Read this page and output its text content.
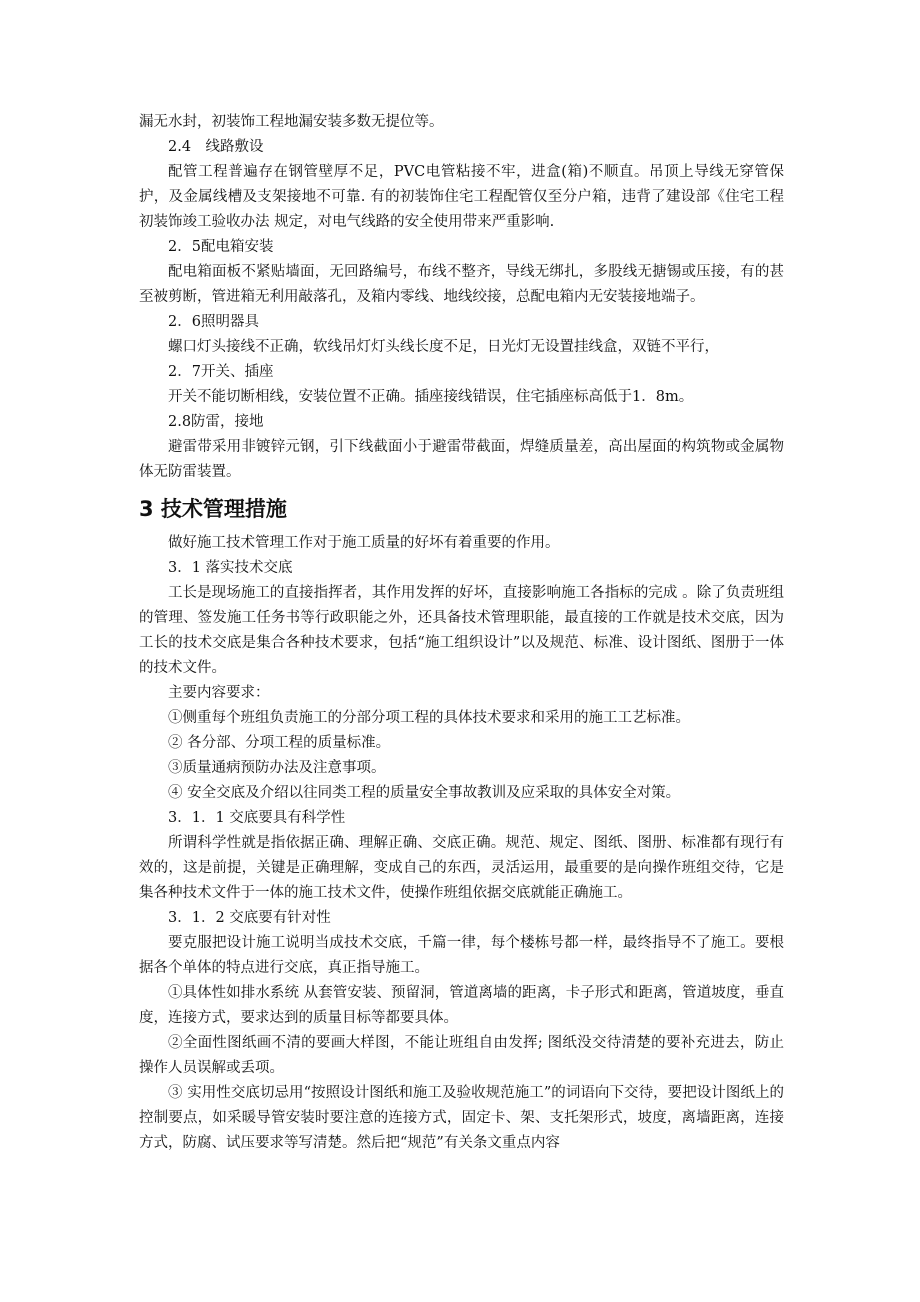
漏无水封，初装饰工程地漏安装多数无提位等。

2.4　线路敷设

配管工程普遍存在钢管壁厚不足，PVC电管粘接不牢，进盒(箱)不顺直。吊顶上导线无穿管保护，及金属线槽及支架接地不可靠. 有的初装饰住宅工程配管仅至分户箱，违背了建设部《住宅工程初装饰竣工验收办法 规定，对电气线路的安全使用带来严重影响.

2．5配电箱安装

配电箱面板不紧贴墙面，无回路编号，布线不整齐，导线无绑扎，多股线无搪锡或压接，有的甚至被剪断，管进箱无利用敲落孔，及箱内零线、地线绞接，总配电箱内无安装接地端子。

2．6照明器具

螺口灯头接线不正确，软线吊灯灯头线长度不足，日光灯无设置挂线盒，双链不平行，

2．7开关、插座

开关不能切断相线，安装位置不正确。插座接线错误，住宅插座标高低于1．8m。

2.8防雷，接地

避雷带采用非镀锌元钢，引下线截面小于避雷带截面，焊缝质量差，高出屋面的构筑物或金属物体无防雷装置。

3 技术管理措施

做好施工技术管理工作对于施工质量的好坏有着重要的作用。

3．1 落实技术交底

工长是现场施工的直接指挥者，其作用发挥的好坏，直接影响施工各指标的完成 。除了负责班组的管理、签发施工任务书等行政职能之外，还具备技术管理职能，最直接的工作就是技术交底，因为工长的技术交底是集合各种技术要求，包括“施工组织设计”以及规范、标准、设计图纸、图册于一体的技术文件。

主要内容要求：

①侧重每个班组负责施工的分部分项工程的具体技术要求和采用的施工工艺标准。

② 各分部、分项工程的质量标准。

③质量通病预防办法及注意事项。

④ 安全交底及介绍以往同类工程的质量安全事故教训及应采取的具体安全对策。

3．1．1 交底要具有科学性

所谓科学性就是指依据正确、理解正确、交底正确。规范、规定、图纸、图册、标准都有现行有效的，这是前提，关键是正确理解，变成自己的东西，灵活运用，最重要的是向操作班组交待，它是集各种技术文件于一体的施工技术文件，使操作班组依据交底就能正确施工。

3．1．2 交底要有针对性

要克服把设计施工说明当成技术交底，千篇一律，每个楼栋号都一样，最终指导不了施工。要根据各个单体的特点进行交底，真正指导施工。

①具体性如排水系统 从套管安装、预留洞，管道离墙的距离，卡子形式和距离，管道坡度，垂直度，连接方式，要求达到的质量目标等都要具体。

②全面性图纸画不清的要画大样图，不能让班组自由发挥; 图纸没交待清楚的要补充进去，防止操作人员误解或丢项。

③ 实用性交底切忌用“按照设计图纸和施工及验收规范施工”的词语向下交待，要把设计图纸上的控制要点，如采暖导管安装时要注意的连接方式，固定卡、架、支托架形式，坡度，离墙距离，连接方式，防腐、试压要求等写清楚。然后把“规范”有关条文重点内容
